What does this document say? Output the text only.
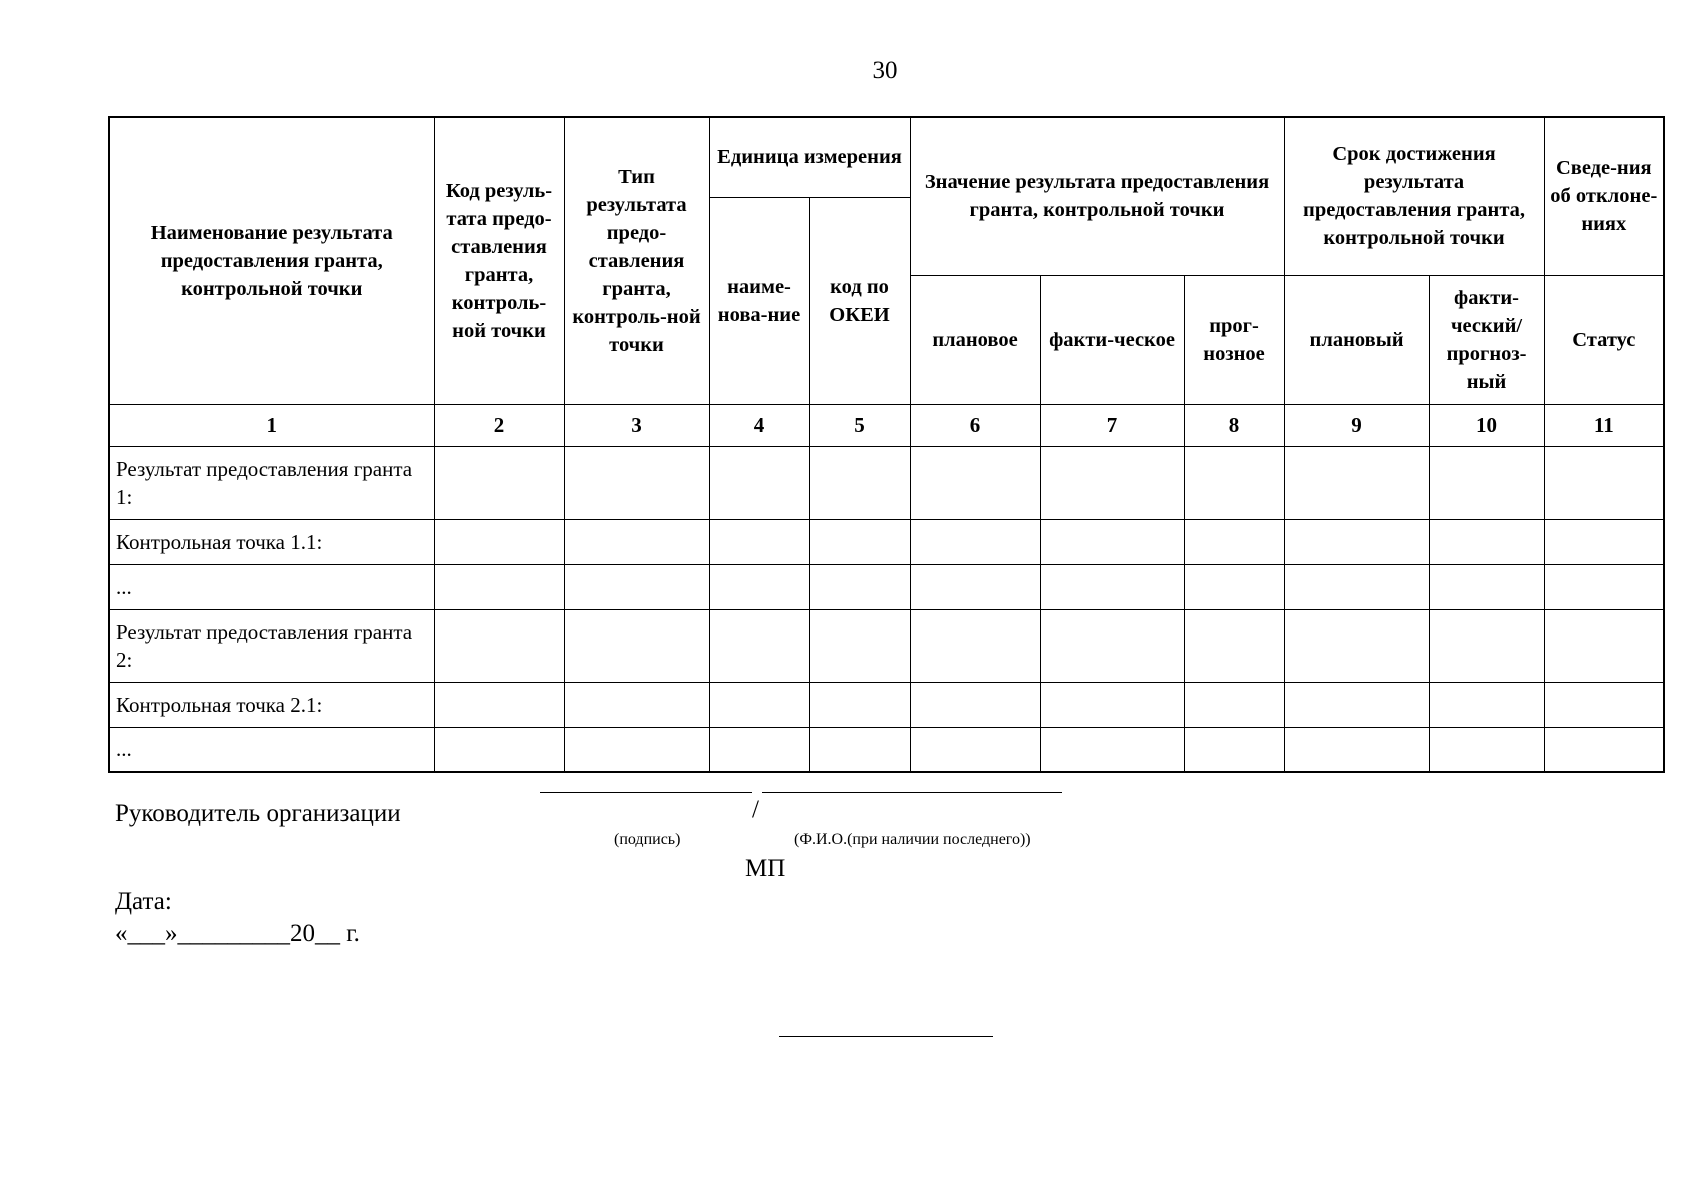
30
Наименование результата предоставления гранта, контрольной точки	Код резуль-тата предо-ставления гранта, контроль-ной точки	Тип результата предо-ставления гранта, контроль-ной точки	Единица измерения		Значение результата предоставления гранта, контрольной точки			Срок достижения результата предоставления гранта, контрольной точки		Сведе-ния об отклоне-ниях
			наиме-нова-ние	код по ОКЕИ						
					плановое	факти-ческое	прог-нозное	плановый	факти-ческий/ прогноз-ный	Статус
1	2	3	4	5	6	7	8	9	10	11
Результат предоставления гранта 1:										
Контрольная точка 1.1:										
...										
Результат предоставления гранта 2:										
Контрольная точка 2.1:										
...										
Руководитель организации	/
(подпись)	(Ф.И.О.(при наличии последнего))
МП
Дата:
«___»_________20__ г.
